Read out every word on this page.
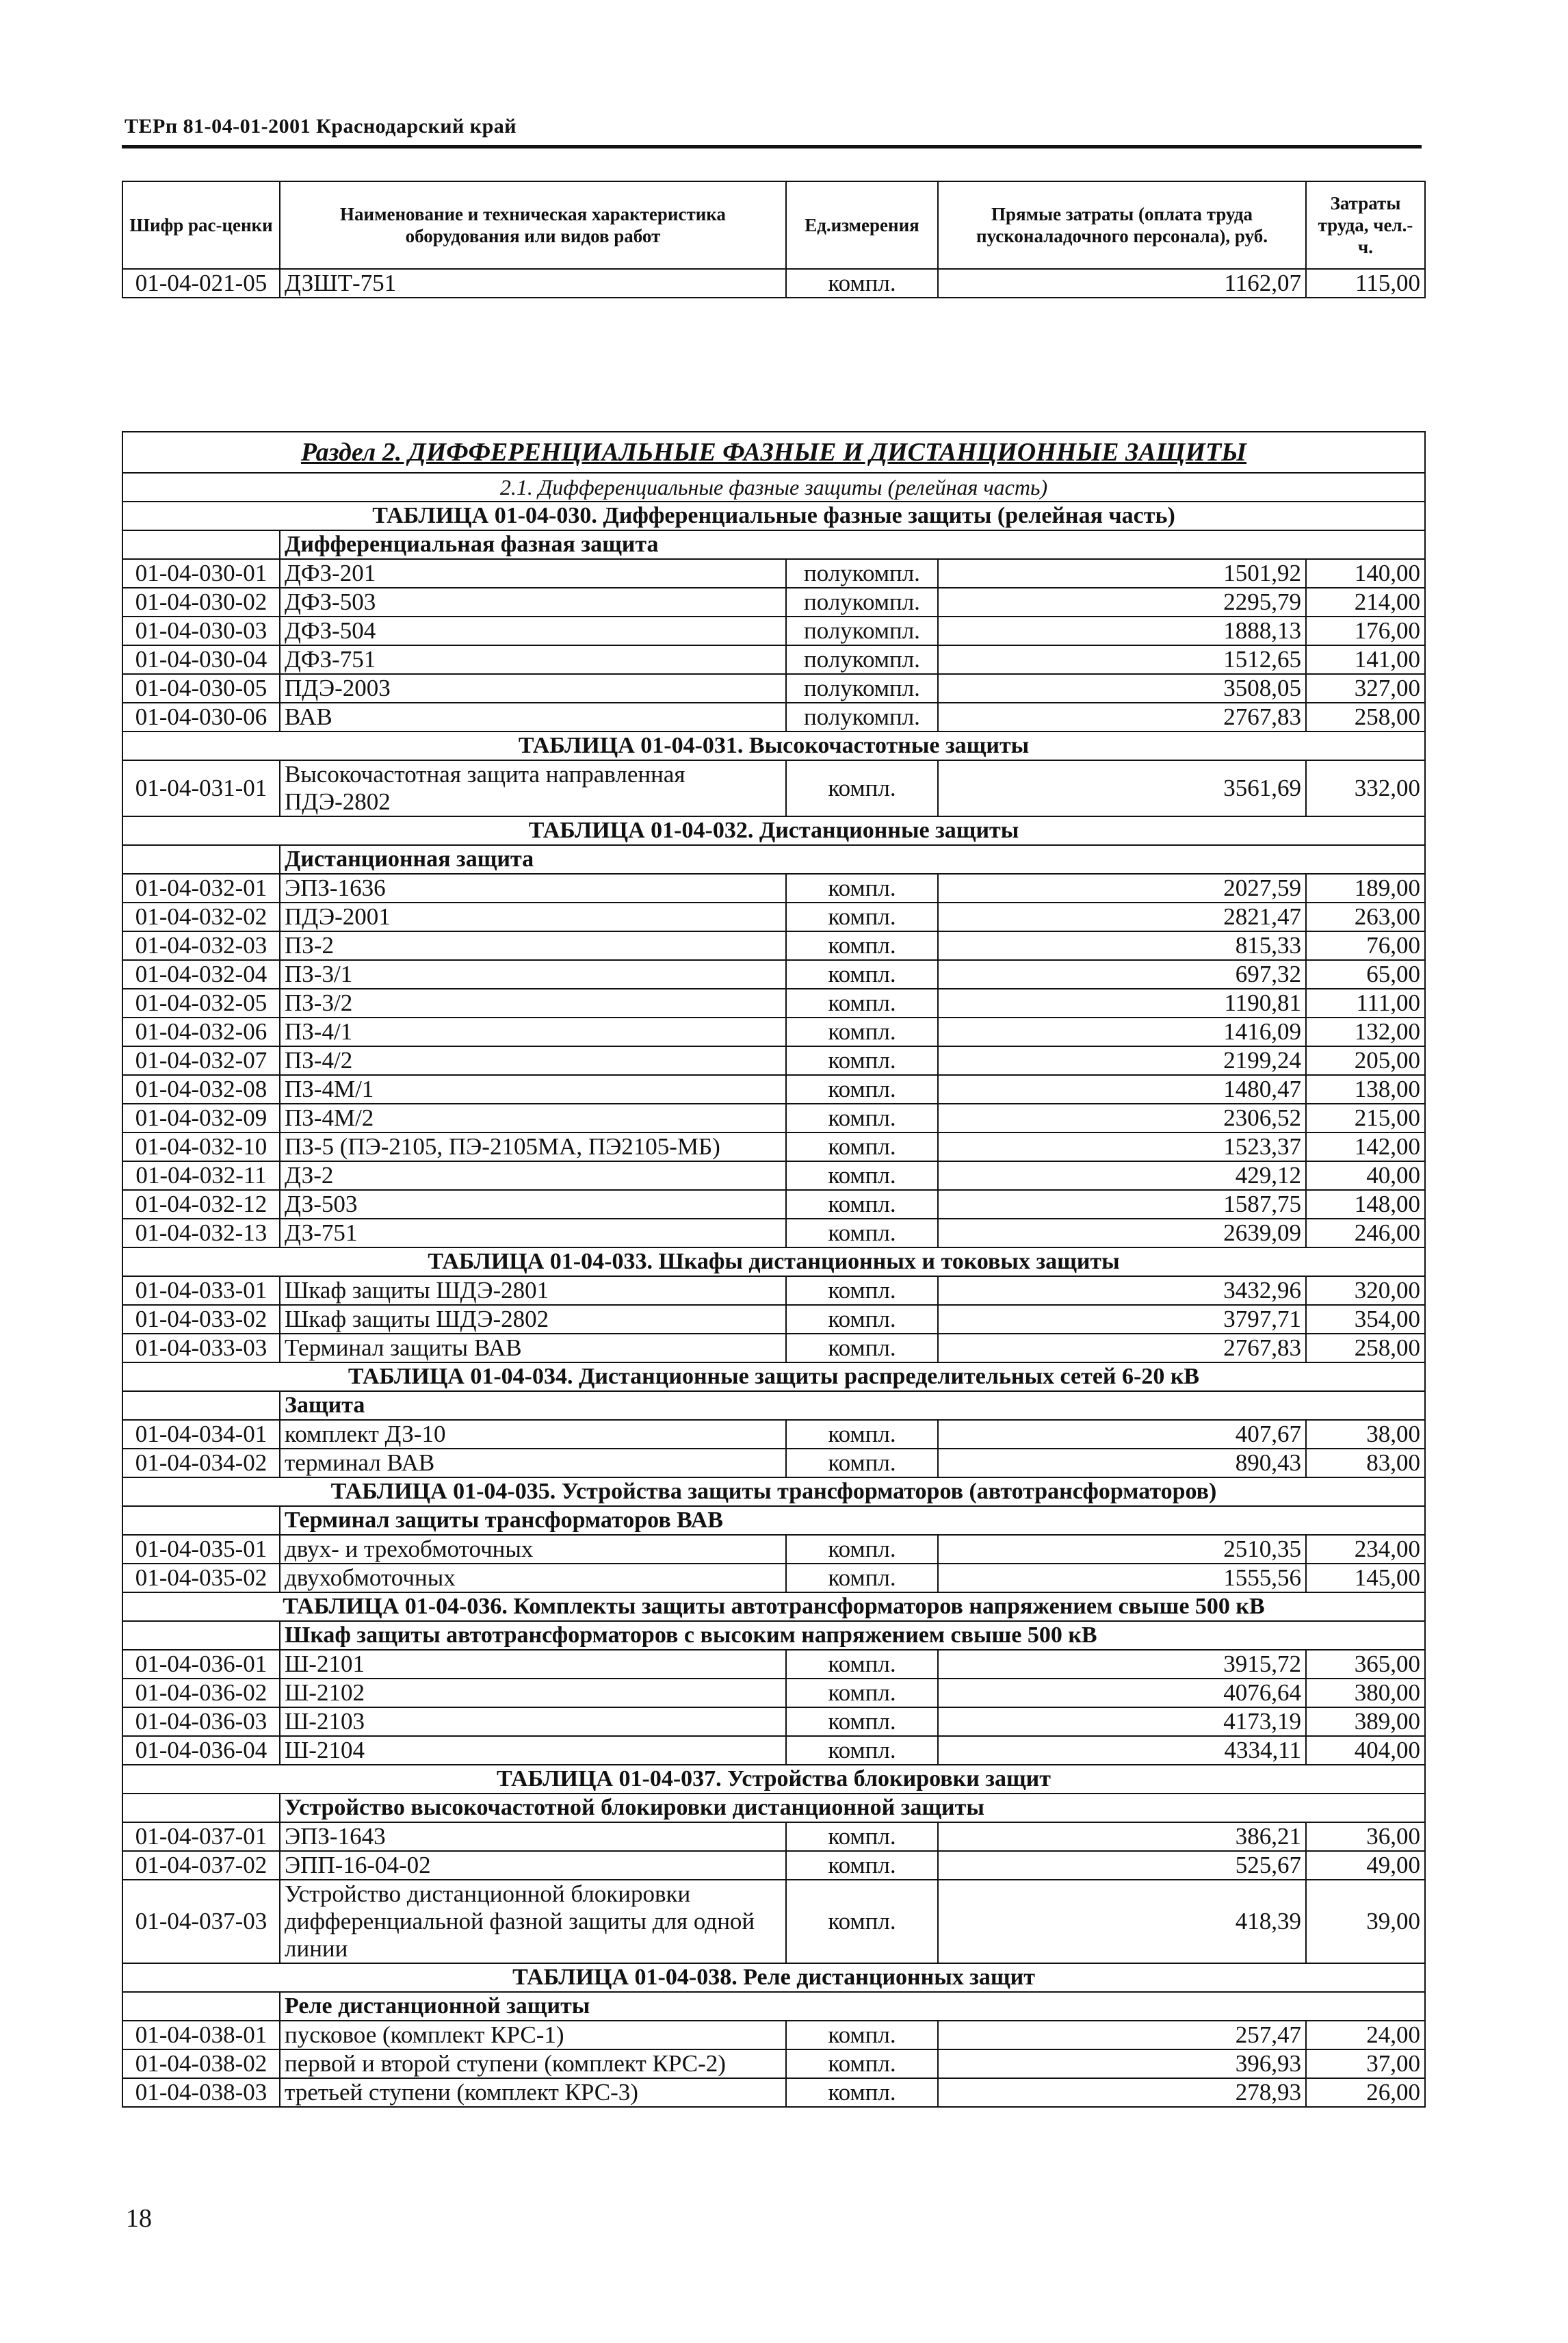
ТЕРп 81-04-01-2001 Краснодарский край
Шифр рас-ценки	Наименование и техническая характеристика оборудования или видов работ	Ед.измерения	Прямые затраты (оплата труда пусконаладочного персонала), руб.	Затраты труда, чел.-ч.
01-04-021-05	ДЗШТ-751	компл.	1162,07	115,00
Раздел 2. ДИФФЕРЕНЦИАЛЬНЫЕ ФАЗНЫЕ И ДИСТАНЦИОННЫЕ ЗАЩИТЫ				
2.1. Дифференциальные фазные защиты (релейная часть)				
ТАБЛИЦА 01-04-030. Дифференциальные фазные защиты (релейная часть)				
	Дифференциальная фазная защита			
01-04-030-01	ДФЗ-201	полукомпл.	1501,92	140,00
01-04-030-02	ДФЗ-503	полукомпл.	2295,79	214,00
01-04-030-03	ДФЗ-504	полукомпл.	1888,13	176,00
01-04-030-04	ДФЗ-751	полукомпл.	1512,65	141,00
01-04-030-05	ПДЭ-2003	полукомпл.	3508,05	327,00
01-04-030-06	ВАВ	полукомпл.	2767,83	258,00
ТАБЛИЦА 01-04-031. Высокочастотные защиты				
01-04-031-01	Высокочастотная защита направленная ПДЭ-2802	компл.	3561,69	332,00
ТАБЛИЦА 01-04-032. Дистанционные защиты				
	Дистанционная защита			
01-04-032-01	ЭПЗ-1636	компл.	2027,59	189,00
01-04-032-02	ПДЭ-2001	компл.	2821,47	263,00
01-04-032-03	ПЗ-2	компл.	815,33	76,00
01-04-032-04	ПЗ-3/1	компл.	697,32	65,00
01-04-032-05	ПЗ-3/2	компл.	1190,81	111,00
01-04-032-06	ПЗ-4/1	компл.	1416,09	132,00
01-04-032-07	ПЗ-4/2	компл.	2199,24	205,00
01-04-032-08	ПЗ-4М/1	компл.	1480,47	138,00
01-04-032-09	ПЗ-4М/2	компл.	2306,52	215,00
01-04-032-10	ПЗ-5 (ПЭ-2105, ПЭ-2105МА, ПЭ2105-МБ)	компл.	1523,37	142,00
01-04-032-11	ДЗ-2	компл.	429,12	40,00
01-04-032-12	ДЗ-503	компл.	1587,75	148,00
01-04-032-13	ДЗ-751	компл.	2639,09	246,00
ТАБЛИЦА 01-04-033. Шкафы дистанционных и токовых защиты				
01-04-033-01	Шкаф защиты ШДЭ-2801	компл.	3432,96	320,00
01-04-033-02	Шкаф защиты ШДЭ-2802	компл.	3797,71	354,00
01-04-033-03	Терминал защиты ВАВ	компл.	2767,83	258,00
ТАБЛИЦА 01-04-034. Дистанционные защиты распределительных сетей 6-20 кВ				
	Защита			
01-04-034-01	комплект ДЗ-10	компл.	407,67	38,00
01-04-034-02	терминал ВАВ	компл.	890,43	83,00
ТАБЛИЦА 01-04-035. Устройства защиты трансформаторов (автотрансформаторов)				
	Терминал защиты трансформаторов ВАВ			
01-04-035-01	двух- и трехобмоточных	компл.	2510,35	234,00
01-04-035-02	двухобмоточных	компл.	1555,56	145,00
ТАБЛИЦА 01-04-036. Комплекты защиты автотрансформаторов напряжением свыше 500 кВ				
	Шкаф защиты автотрансформаторов с высоким напряжением свыше 500 кВ			
01-04-036-01	Ш-2101	компл.	3915,72	365,00
01-04-036-02	Ш-2102	компл.	4076,64	380,00
01-04-036-03	Ш-2103	компл.	4173,19	389,00
01-04-036-04	Ш-2104	компл.	4334,11	404,00
ТАБЛИЦА 01-04-037. Устройства блокировки защит				
	Устройство высокочастотной блокировки дистанционной защиты			
01-04-037-01	ЭПЗ-1643	компл.	386,21	36,00
01-04-037-02	ЭПП-16-04-02	компл.	525,67	49,00
01-04-037-03	Устройство дистанционной блокировки дифференциальной фазной защиты для одной линии	компл.	418,39	39,00
ТАБЛИЦА 01-04-038. Реле дистанционных защит				
	Реле дистанционной защиты			
01-04-038-01	пусковое (комплект КРС-1)	компл.	257,47	24,00
01-04-038-02	первой и второй ступени (комплект КРС-2)	компл.	396,93	37,00
01-04-038-03	третьей ступени (комплект КРС-3)	компл.	278,93	26,00
18
